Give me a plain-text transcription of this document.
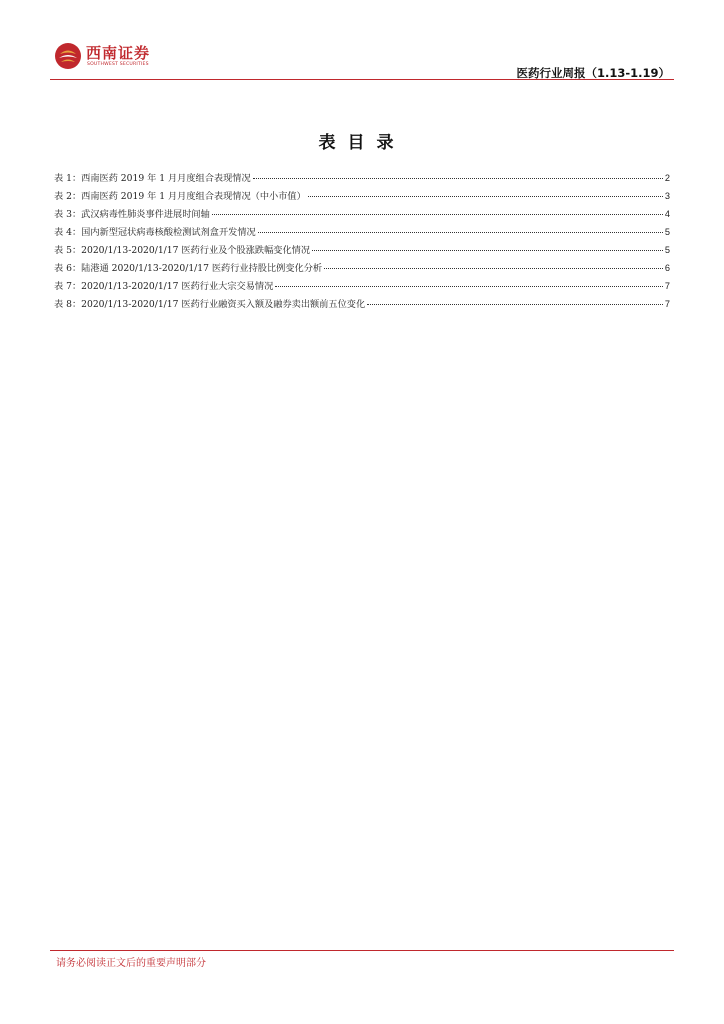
西南证券
SOUTHWEST SECURITIES
医药行业周报（1.13-1.19）
表目录
表 1：西南医药 2019 年 1 月月度组合表现情况	2
表 2：西南医药 2019 年 1 月月度组合表现情况（中小市值）	3
表 3：武汉病毒性肺炎事件进展时间轴	4
表 4：国内新型冠状病毒核酸检测试剂盒开发情况	5
表 5：2020/1/13-2020/1/17 医药行业及个股涨跌幅变化情况	5
表 6：陆港通 2020/1/13-2020/1/17 医药行业持股比例变化分析	6
表 7：2020/1/13-2020/1/17 医药行业大宗交易情况	7
表 8：2020/1/13-2020/1/17 医药行业融资买入额及融券卖出额前五位变化	7
请务必阅读正文后的重要声明部分
